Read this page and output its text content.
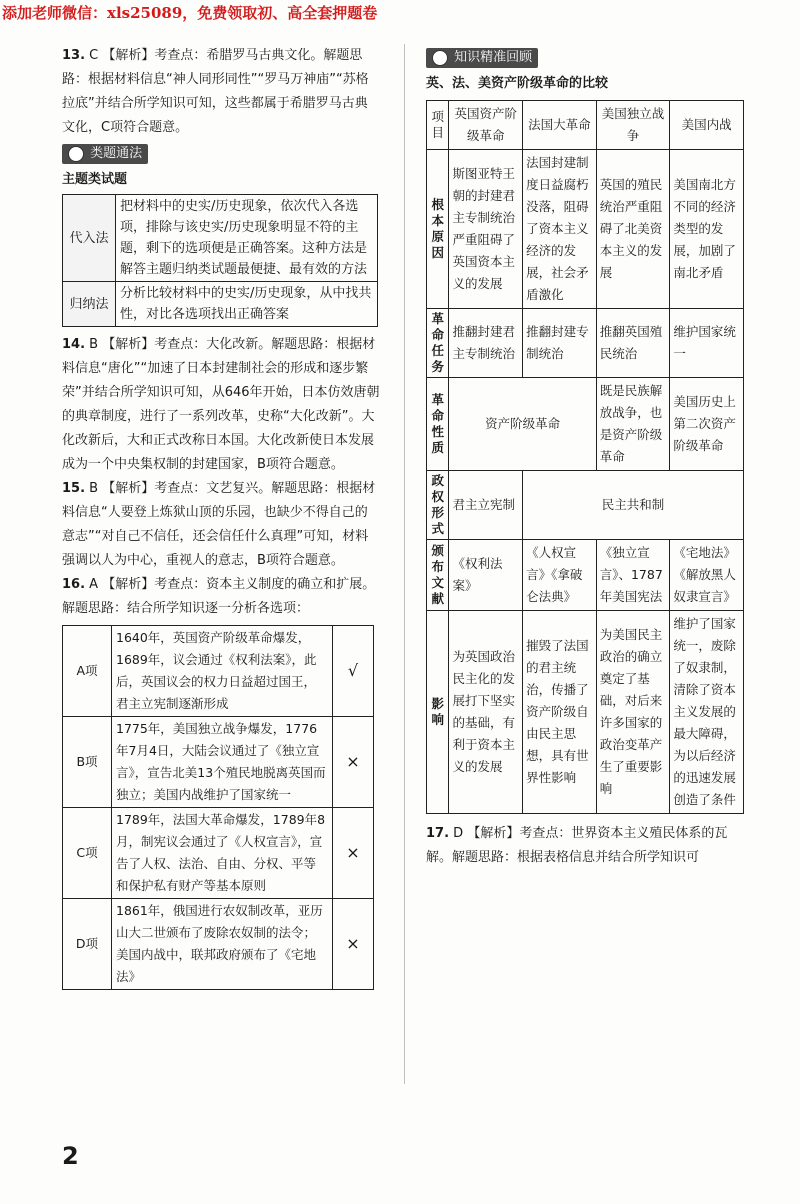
添加老师微信：xls25089，免费领取初、高全套押题卷

13. C 【解析】考查点：希腊罗马古典文化。解题思路：根据材料信息“神人同形同性”“罗马万神庙”“苏格拉底”并结合所学知识可知，这些都属于希腊罗马古典文化，C项符合题意。

✎ 类题通法
主题类试题
代入法	把材料中的史实/历史现象，依次代入各选项，排除与该史实/历史现象明显不符的主题，剩下的选项便是正确答案。这种方法是解答主题归纳类试题最便捷、最有效的方法
归纳法	分析比较材料中的史实/历史现象，从中找共性，对比各选项找出正确答案

14. B 【解析】考查点：大化改新。解题思路：根据材料信息“唐化”“加速了日本封建制社会的形成和逐步繁荣”并结合所学知识可知，从646年开始，日本仿效唐朝的典章制度，进行了一系列改革，史称“大化改新”。大化改新后，大和正式改称日本国。大化改新使日本发展成为一个中央集权制的封建国家，B项符合题意。

15. B 【解析】考查点：文艺复兴。解题思路：根据材料信息“人要登上炼狱山顶的乐园，也缺少不得自己的意志”“对自己不信任，还会信任什么真理”可知，材料强调以人为中心，重视人的意志，B项符合题意。

16. A 【解析】考查点：资本主义制度的确立和扩展。解题思路：结合所学知识逐一分析各选项：

A项	1640年，英国资产阶级革命爆发，1689年，议会通过《权利法案》，此后，英国议会的权力日益超过国王，君主立宪制逐渐形成	√
B项	1775年，美国独立战争爆发，1776年7月4日，大陆会议通过了《独立宣言》，宣告北美13个殖民地脱离英国而独立；美国内战维护了国家统一	×
C项	1789年，法国大革命爆发，1789年8月，制宪议会通过了《人权宣言》，宣告了人权、法治、自由、分权、平等和保护私有财产等基本原则	×
D项	1861年，俄国进行农奴制改革，亚历山大二世颁布了废除农奴制的法令；美国内战中，联邦政府颁布了《宅地法》	×
▤ 知识精准回顾
英、法、美资产阶级革命的比较
项目	英国资产阶级革命	法国大革命	美国独立战争	美国内战
根本原因	斯图亚特王朝的封建君主专制统治严重阻碍了英国资本主义的发展	法国封建制度日益腐朽没落，阻碍了资本主义经济的发展，社会矛盾激化	英国的殖民统治严重阻碍了北美资本主义的发展	美国南北方不同的经济类型的发展，加剧了南北矛盾
革命任务	推翻封建君主专制统治	推翻封建专制统治	推翻英国殖民统治	维护国家统一
革命性质	资产阶级革命		既是民族解放战争，也是资产阶级革命	美国历史上第二次资产阶级革命
政权形式	君主立宪制	民主共和制		
颁布文献	《权利法案》	《人权宣言》《拿破仑法典》	《独立宣言》、1787年美国宪法	《宅地法》《解放黑人奴隶宣言》
影响	为英国政治民主化的发展打下坚实的基础，有利于资本主义的发展	摧毁了法国的君主统治，传播了资产阶级自由民主思想，具有世界性影响	为美国民主政治的确立奠定了基础，对后来许多国家的政治变革产生了重要影响	维护了国家统一，废除了奴隶制，清除了资本主义发展的最大障碍，为以后经济的迅速发展创造了条件

17. D 【解析】考查点：世界资本主义殖民体系的瓦解。解题思路：根据表格信息并结合所学知识可

2
